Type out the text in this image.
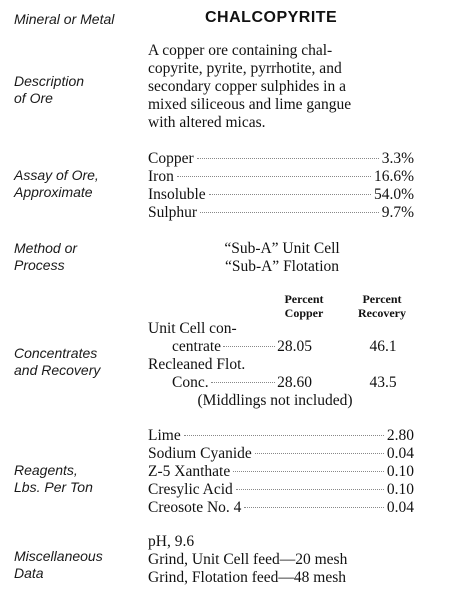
Mineral or Metal	CHALCOPYRITE
Description
of Ore
A copper ore containing chal-
copyrite, pyrite, pyrrhotite, and
secondary copper sulphides in a
mixed siliceous and lime gangue
with altered micas.
Assay of Ore,
Approximate
Copper	3.3%
Iron	16.6%
Insoluble	54.0%
Sulphur	9.7%
Method or
Process
“Sub-A” Unit Cell
“Sub-A” Flotation
Percent
Copper
Percent
Recovery
Concentrates
and Recovery
Unit Cell con-
centrate	28.05	46.1
Recleaned Flot.
Conc.	28.60	43.5
(Middlings not included)
Reagents,
Lbs. Per Ton
Lime	2.80
Sodium Cyanide	0.04
Z-5 Xanthate	0.10
Cresylic Acid	0.10
Creosote No. 4	0.04
Miscellaneous
Data
pH, 9.6
Grind, Unit Cell feed—20 mesh
Grind, Flotation feed—48 mesh
